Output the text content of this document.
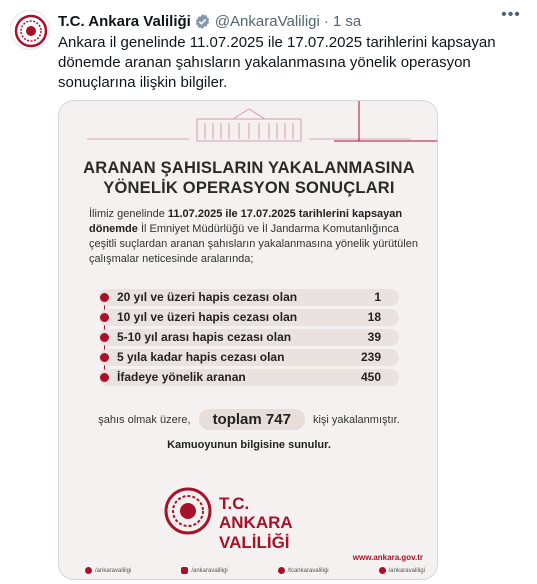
T.C. Ankara Valiliği @AnkaraValiligi · 1 sa	•••
Ankara il genelinde 11.07.2025 ile 17.07.2025 tarihlerini kapsayan dönemde aranan şahısların yakalanmasına yönelik operasyon sonuçlarına ilişkin bilgiler.
ARANAN ŞAHISLARIN YAKALANMASINA
YÖNELİK OPERASYON SONUÇLARI
İlimiz genelinde 11.07.2025 ile 17.07.2025 tarihlerini kapsayan dönemde İl Emniyet Müdürlüğü ve İl Jandarma Komutanlığınca çeşitli suçlardan aranan şahısların yakalanmasına yönelik yürütülen çalışmalar neticesinde aralarında;
20 yıl ve üzeri hapis cezası olan	1
10 yıl ve üzeri hapis cezası olan	18
5-10 yıl arası hapis cezası olan	39
5 yıla kadar hapis cezası olan	239
İfadeye yönelik aranan	450
şahıs olmak üzere,	toplam 747	kişi yakalanmıştır.
Kamuoyunun bilgisine sunulur.
T.C.
ANKARA VALİLİĞİ
www.ankara.gov.tr
/ankaravaliligi	/ankaravaliligi	/tcankaravaliligi	/ankaravaliligi
